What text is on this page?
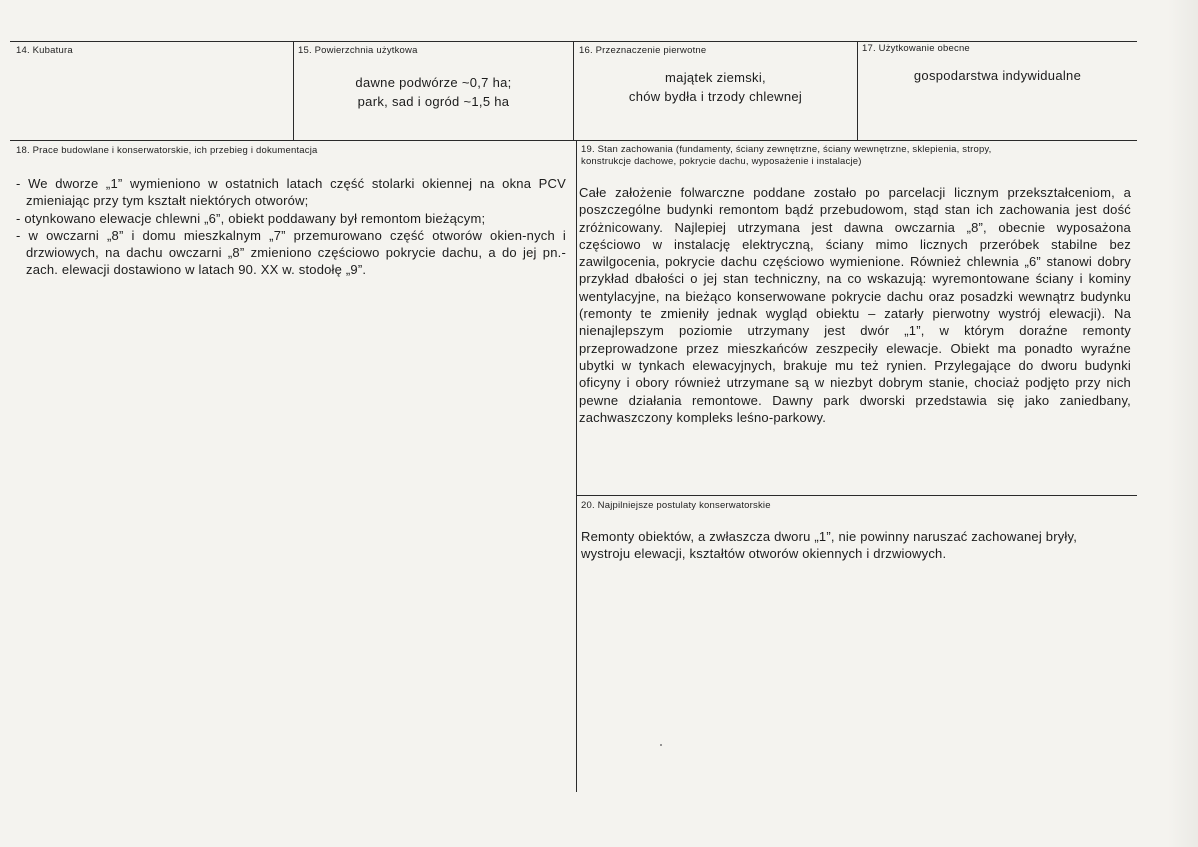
14. Kubatura	15. Powierzchnia użytkowa
dawne podwórze ~0,7 ha;
park, sad i ogród ~1,5 ha
16. Przeznaczenie pierwotne
majątek ziemski,
chów bydła i trzody chlewnej
17. Użytkowanie obecne
gospodarstwa indywidualne
18. Prace budowlane i konserwatorskie, ich przebieg i dokumentacja
- We dworze „1” wymieniono w ostatnich latach część stolarki okiennej na okna PCV zmieniając przy tym kształt niektórych otworów;
- otynkowano elewacje chlewni „6”, obiekt poddawany był remontom bieżącym;
- w owczarni „8” i domu mieszkalnym „7” przemurowano część otworów okien-nych i drzwiowych, na dachu owczarni „8” zmieniono częściowo pokrycie dachu, a do jej pn.-zach. elewacji dostawiono w latach 90. XX w. stodołę „9”.
19. Stan zachowania (fundamenty, ściany zewnętrzne, ściany wewnętrzne, sklepienia, stropy,
konstrukcje dachowe, pokrycie dachu, wyposażenie i instalacje)
Całe założenie folwarczne poddane zostało po parcelacji licznym przekształceniom, a poszczególne budynki remontom bądź przebudowom, stąd stan ich zachowania jest dość zróżnicowany. Najlepiej utrzymana jest dawna owczarnia „8”, obecnie wyposażona częściowo w instalację elektryczną, ściany mimo licznych przeróbek stabilne bez zawilgocenia, pokrycie dachu częściowo wymienione. Również chlewnia „6” stanowi dobry przykład dbałości o jej stan techniczny, na co wskazują: wyremontowane ściany i kominy wentylacyjne, na bieżąco konserwowane pokrycie dachu oraz posadzki wewnątrz budynku (remonty te zmieniły jednak wygląd obiektu – zatarły pierwotny wystrój elewacji). Na nienajlepszym poziomie utrzymany jest dwór „1”, w którym doraźne remonty przeprowadzone przez mieszkańców zeszpeciły elewacje. Obiekt ma ponadto wyraźne ubytki w tynkach elewacyjnych, brakuje mu też rynien. Przylegające do dworu budynki oficyny i obory również utrzymane są w niezbyt dobrym stanie, chociaż podjęto przy nich pewne działania remontowe. Dawny park dworski przedstawia się jako zaniedbany, zachwaszczony kompleks leśno-parkowy.
20. Najpilniejsze postulaty konserwatorskie
Remonty obiektów, a zwłaszcza dworu „1”, nie powinny naruszać zachowanej bryły, wystroju elewacji, kształtów otworów okiennych i drzwiowych.
